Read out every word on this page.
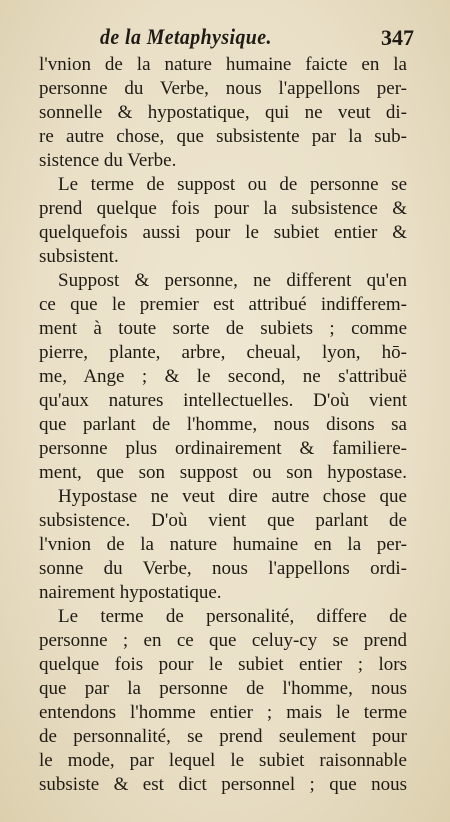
de la Metaphysique.	347
l'vnion de la nature humaine faicte en la
personne du Verbe, nous l'appellons per-
sonnelle & hypostatique, qui ne veut di-
re autre chose, que subsistente par la sub-
sistence du Verbe.
Le terme de suppost ou de personne se
prend quelque fois pour la subsistence &
quelquefois aussi pour le subiet entier &
subsistent.
Suppost & personne, ne different qu'en
ce que le premier est attribué indifferem-
ment à toute sorte de subiets ; comme
pierre, plante, arbre, cheual, lyon, hō-
me, Ange ; & le second, ne s'attribuë
qu'aux natures intellectuelles. D'où vient
que parlant de l'homme, nous disons sa
personne plus ordinairement & familiere-
ment, que son suppost ou son hypostase.
Hypostase ne veut dire autre chose que
subsistence. D'où vient que parlant de
l'vnion de la nature humaine en la per-
sonne du Verbe, nous l'appellons ordi-
nairement hypostatique.
Le terme de personalité, differe de
personne ; en ce que celuy-cy se prend
quelque fois pour le subiet entier ; lors
que par la personne de l'homme, nous
entendons l'homme entier ; mais le terme
de personnalité, se prend seulement pour
le mode, par lequel le subiet raisonnable
subsiste & est dict personnel ; que nous
